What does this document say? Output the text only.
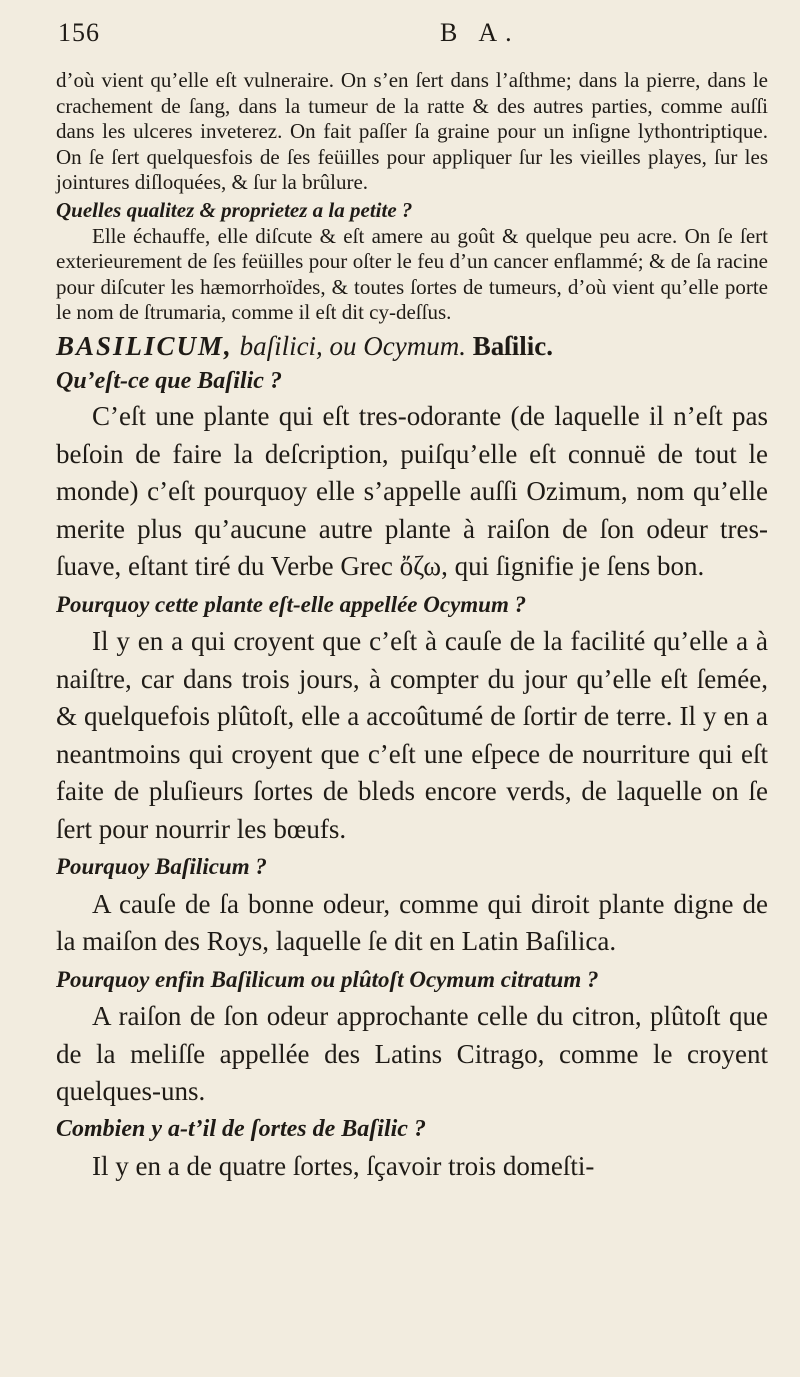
156	B A.

d’où vient qu’elle eſt vulneraire. On s’en ſert dans l’aſthme; dans la pierre, dans le crachement de ſang, dans la tumeur de la ratte & des autres parties, comme auſſi dans les ulceres inveterez. On fait paſſer ſa graine pour un inſigne lythontriptique. On ſe ſert quelquesfois de ſes feüilles pour appliquer ſur les vieilles playes, ſur les jointures diſloquées, & ſur la brûlure.

Quelles qualitez & proprietez a la petite ?

Elle échauffe, elle diſcute & eſt amere au goût & quelque peu acre. On ſe ſert exterieurement de ſes feüilles pour oſter le feu d’un cancer enflammé; & de ſa racine pour diſcuter les hæmorrhoïdes, & toutes ſortes de tumeurs, d’où vient qu’elle porte le nom de ſtrumaria, comme il eſt dit cy-deſſus.

BASILICUM, baſilici, ou Ocymum. Baſilic.

Qu’eſt-ce que Baſilic ?

C’eſt une plante qui eſt tres-odorante (de laquelle il n’eſt pas beſoin de faire la deſcription, puiſqu’elle eſt connuë de tout le monde) c’eſt pourquoy elle s’appelle auſſi Ozimum, nom qu’elle merite plus qu’aucune autre plante à raiſon de ſon odeur tres-ſuave, eſtant tiré du Verbe Grec ὄζω, qui ſignifie je ſens bon.

Pourquoy cette plante eſt-elle appellée Ocymum ?

Il y en a qui croyent que c’eſt à cauſe de la facilité qu’elle a à naiſtre, car dans trois jours, à compter du jour qu’elle eſt ſemée, & quelquefois plûtoſt, elle a accoûtumé de ſortir de terre. Il y en a neantmoins qui croyent que c’eſt une eſpece de nourriture qui eſt faite de pluſieurs ſortes de bleds encore verds, de laquelle on ſe ſert pour nourrir les bœufs.

Pourquoy Baſilicum ?

A cauſe de ſa bonne odeur, comme qui diroit plante digne de la maiſon des Roys, laquelle ſe dit en Latin Baſilica.

Pourquoy enfin Baſilicum ou plûtoſt Ocymum citratum ?

A raiſon de ſon odeur approchante celle du citron, plûtoſt que de la meliſſe appellée des Latins Citrago, comme le croyent quelques-uns.

Combien y a-t’il de ſortes de Baſilic ?

Il y en a de quatre ſortes, ſçavoir trois domeſti-
